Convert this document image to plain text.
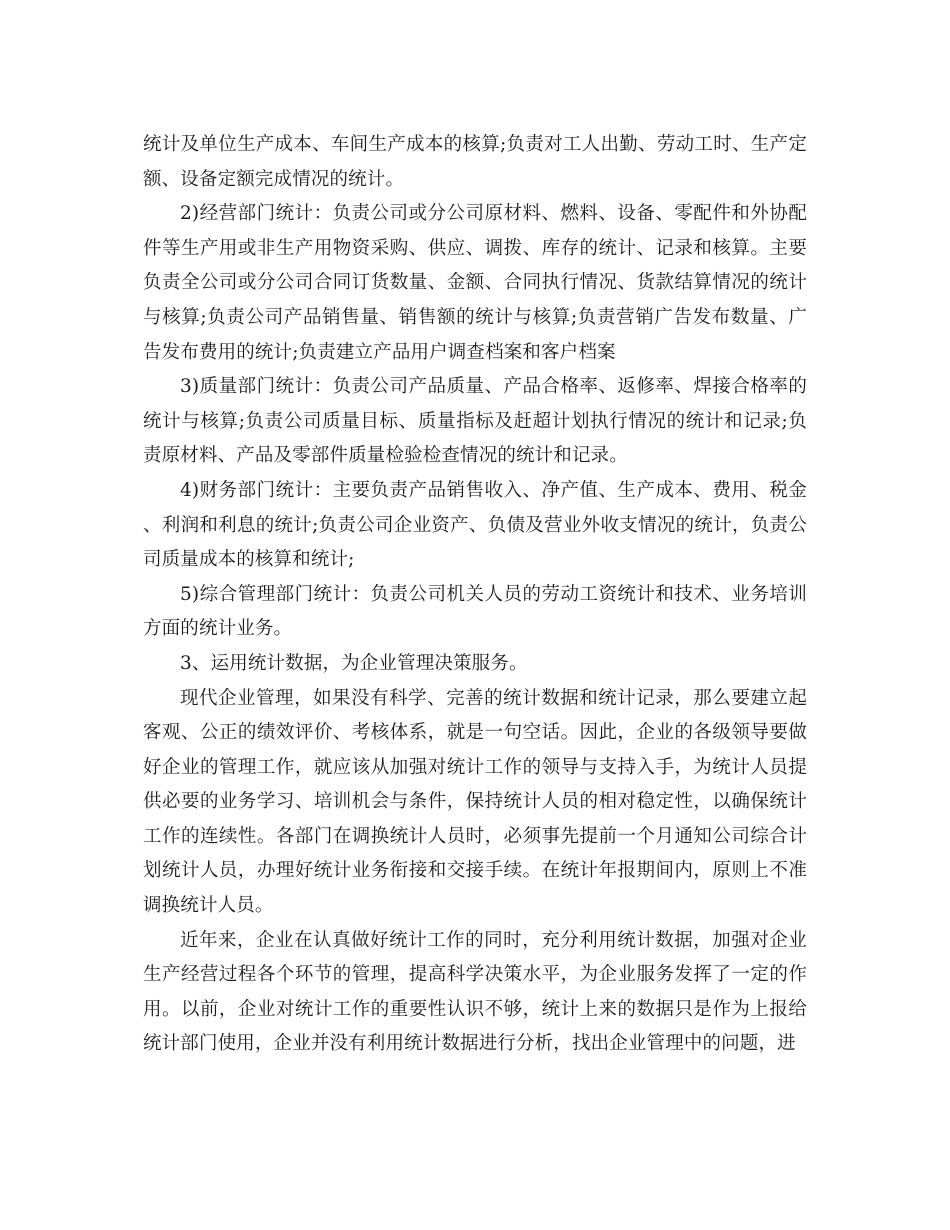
统计及单位生产成本、车间生产成本的核算;负责对工人出勤、劳动工时、生产定额、设备定额完成情况的统计。

2)经营部门统计：负责公司或分公司原材料、燃料、设备、零配件和外协配件等生产用或非生产用物资采购、供应、调拨、库存的统计、记录和核算。主要负责全公司或分公司合同订货数量、金额、合同执行情况、货款结算情况的统计与核算;负责公司产品销售量、销售额的统计与核算;负责营销广告发布数量、广告发布费用的统计;负责建立产品用户调查档案和客户档案

3)质量部门统计：负责公司产品质量、产品合格率、返修率、焊接合格率的统计与核算;负责公司质量目标、质量指标及赶超计划执行情况的统计和记录;负责原材料、产品及零部件质量检验检查情况的统计和记录。

4)财务部门统计：主要负责产品销售收入、净产值、生产成本、费用、税金、利润和利息的统计;负责公司企业资产、负债及营业外收支情况的统计，负责公司质量成本的核算和统计;

5)综合管理部门统计：负责公司机关人员的劳动工资统计和技术、业务培训方面的统计业务。

3、运用统计数据，为企业管理决策服务。

现代企业管理，如果没有科学、完善的统计数据和统计记录，那么要建立起客观、公正的绩效评价、考核体系，就是一句空话。因此，企业的各级领导要做好企业的管理工作，就应该从加强对统计工作的领导与支持入手，为统计人员提供必要的业务学习、培训机会与条件，保持统计人员的相对稳定性，以确保统计工作的连续性。各部门在调换统计人员时，必须事先提前一个月通知公司综合计划统计人员，办理好统计业务衔接和交接手续。在统计年报期间内，原则上不准调换统计人员。

近年来，企业在认真做好统计工作的同时，充分利用统计数据，加强对企业生产经营过程各个环节的管理，提高科学决策水平，为企业服务发挥了一定的作用。以前，企业对统计工作的重要性认识不够，统计上来的数据只是作为上报给统计部门使用，企业并没有利用统计数据进行分析，找出企业管理中的问题，进
